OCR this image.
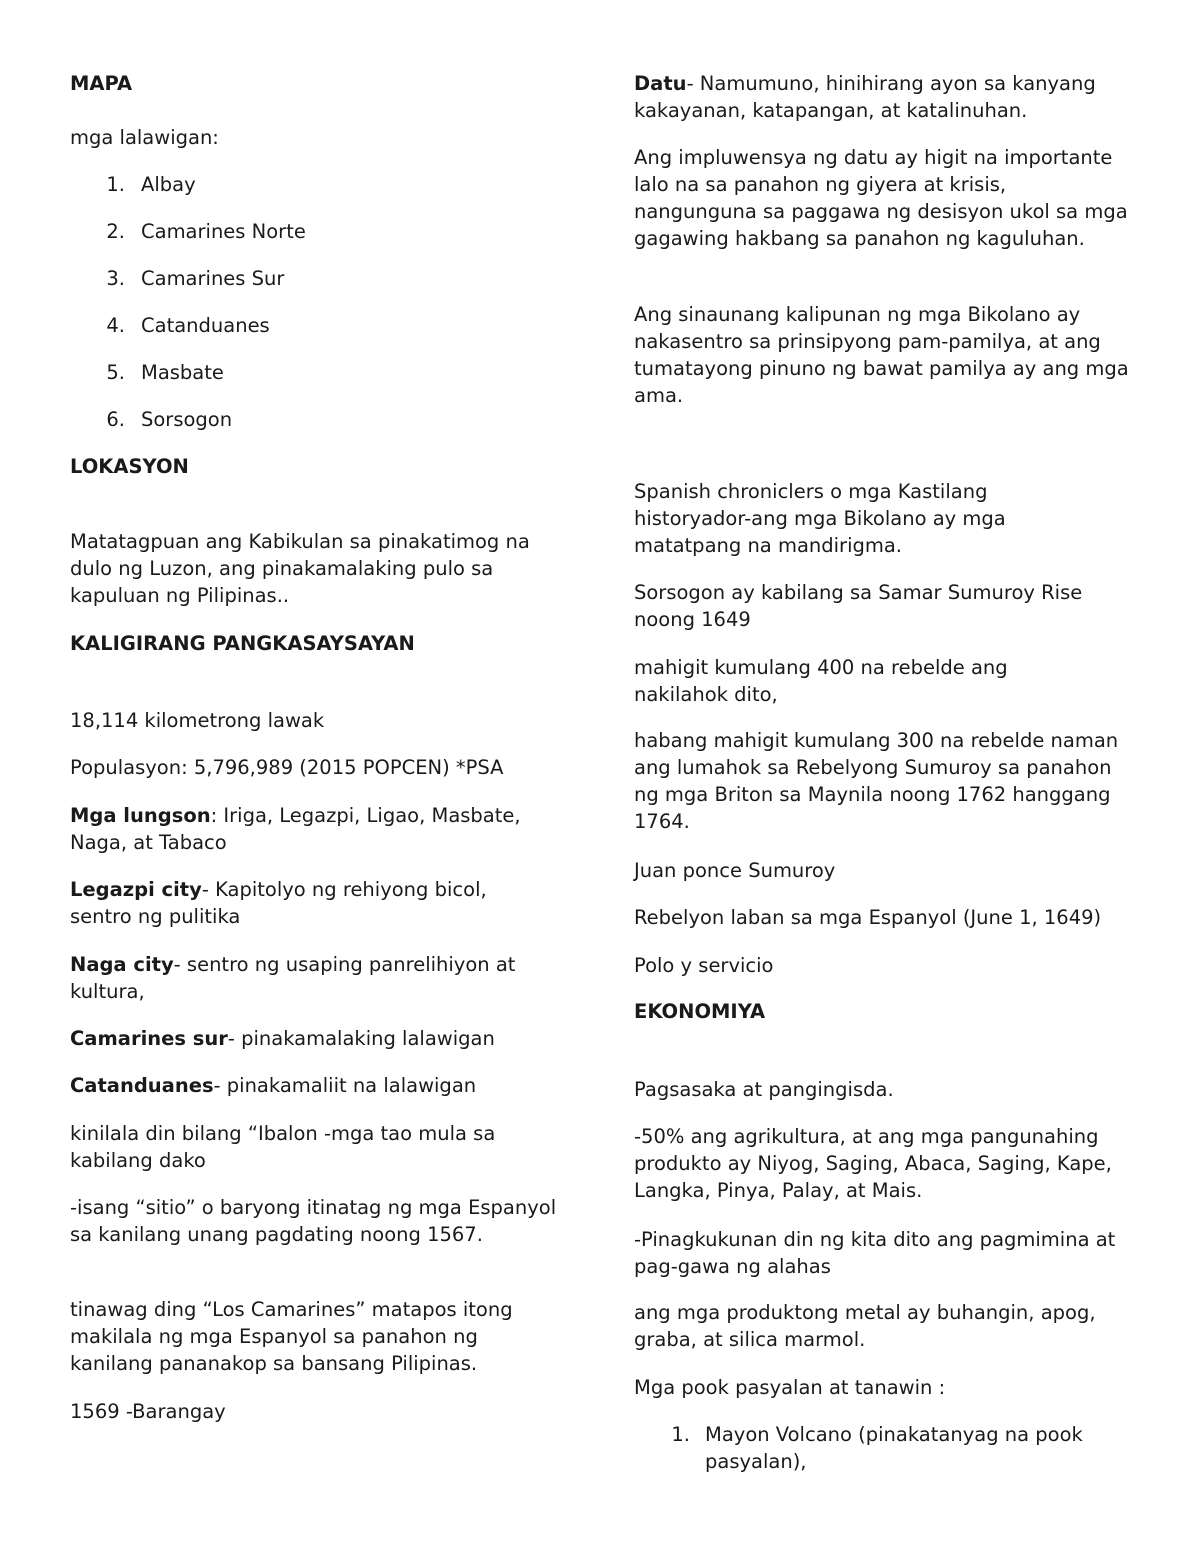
MAPA

mga lalawigan:

1. Albay
2. Camarines Norte
3. Camarines Sur
4. Catanduanes
5. Masbate
6. Sorsogon

LOKASYON

Matatagpuan ang Kabikulan sa pinakatimog na dulo ng Luzon, ang pinakamalaking pulo sa kapuluan ng Pilipinas..

KALIGIRANG PANGKASAYSAYAN

18,114 kilometrong lawak

Populasyon: 5,796,989 (2015 POPCEN) *PSA

Mga lungson: Iriga, Legazpi, Ligao, Masbate, Naga, at Tabaco

Legazpi city- Kapitolyo ng rehiyong bicol, sentro ng pulitika

Naga city- sentro ng usaping panrelihiyon at kultura,

Camarines sur- pinakamalaking lalawigan

Catanduanes- pinakamaliit na lalawigan

kinilala din bilang “Ibalon -mga tao mula sa kabilang dako

-isang “sitio” o baryong itinatag ng mga Espanyol sa kanilang unang pagdating noong 1567.

tinawag ding “Los Camarines” matapos itong makilala ng mga Espanyol sa panahon ng kanilang pananakop sa bansang Pilipinas.

1569 -Barangay

Datu- Namumuno, hinihirang ayon sa kanyang kakayanan, katapangan, at katalinuhan.

Ang impluwensya ng datu ay higit na importante lalo na sa panahon ng giyera at krisis, nangunguna sa paggawa ng desisyon ukol sa mga gagawing hakbang sa panahon ng kaguluhan.

Ang sinaunang kalipunan ng mga Bikolano ay nakasentro sa prinsipyong pam-pamilya, at ang tumatayong pinuno ng bawat pamilya ay ang mga ama.

Spanish chroniclers o mga Kastilang historyador-ang mga Bikolano ay mga matatpang na mandirigma.

Sorsogon ay kabilang sa Samar Sumuroy Rise noong 1649

mahigit kumulang 400 na rebelde ang nakilahok dito,

habang mahigit kumulang 300 na rebelde naman ang lumahok sa Rebelyong Sumuroy sa panahon ng mga Briton sa Maynila noong 1762 hanggang 1764.

Juan ponce Sumuroy

Rebelyon laban sa mga Espanyol (June 1, 1649)

Polo y servicio

EKONOMIYA

Pagsasaka at pangingisda.

-50% ang agrikultura, at ang mga pangunahing produkto ay Niyog, Saging, Abaca, Saging, Kape, Langka, Pinya, Palay, at Mais.

-Pinagkukunan din ng kita dito ang pagmimina at pag-gawa ng alahas

ang mga produktong metal ay buhangin, apog, graba, at silica marmol.

Mga pook pasyalan at tanawin :

1. Mayon Volcano (pinakatanyag na pook pasyalan),
